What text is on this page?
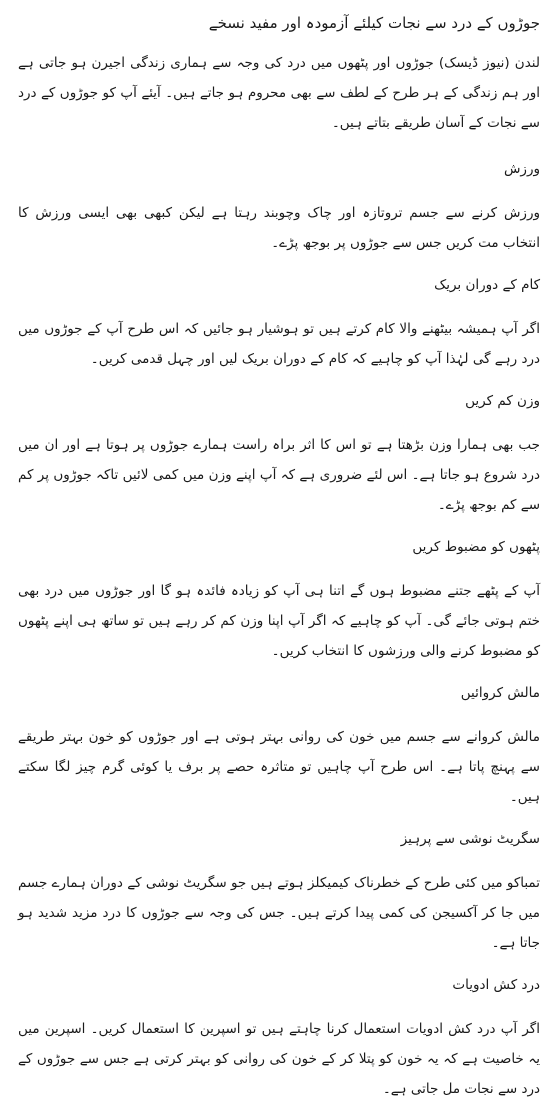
جوڑوں کے درد سے نجات کیلئے آزمودہ اور مفید نسخے

لندن (نیوز ڈیسک) جوڑوں اور پٹھوں میں درد کی وجہ سے ہماری زندگی اجیرن ہو جاتی ہے اور ہم زندگی کے ہر طرح کے لطف سے بھی محروم ہو جاتے ہیں۔ آیئے آپ کو جوڑوں کے درد سے نجات کے آسان طریقے بتاتے ہیں۔

ورزش

ورزش کرنے سے جسم تروتازہ اور چاک وچوبند رہتا ہے لیکن کبھی بھی ایسی ورزش کا انتخاب مت کریں جس سے جوڑوں پر بوجھ پڑے۔

کام کے دوران بریک

اگر آپ ہمیشہ بیٹھنے والا کام کرتے ہیں تو ہوشیار ہو جائیں کہ اس طرح آپ کے جوڑوں میں درد رہے گی لہٰذا آپ کو چاہیے کہ کام کے دوران بریک لیں اور چہل قدمی کریں۔

وزن کم کریں

جب بھی ہمارا وزن بڑھتا ہے تو اس کا اثر براہ راست ہمارے جوڑوں پر ہوتا ہے اور ان میں درد شروع ہو جاتا ہے۔ اس لئے ضروری ہے کہ آپ اپنے وزن میں کمی لائیں تاکہ جوڑوں پر کم سے کم بوجھ پڑے۔

پٹھوں کو مضبوط کریں

آپ کے پٹھے جتنے مضبوط ہوں گے اتنا ہی آپ کو زیادہ فائدہ ہو گا اور جوڑوں میں درد بھی ختم ہوتی جائے گی۔ آپ کو چاہیے کہ اگر آپ اپنا وزن کم کر رہے ہیں تو ساتھ ہی اپنے پٹھوں کو مضبوط کرنے والی ورزشوں کا انتخاب کریں۔

مالش کروائیں

مالش کروانے سے جسم میں خون کی روانی بہتر ہوتی ہے اور جوڑوں کو خون بہتر طریقے سے پہنچ پاتا ہے۔ اس طرح آپ چاہیں تو متاثرہ حصے پر برف یا کوئی گرم چیز لگا سکتے ہیں۔

سگریٹ نوشی سے پرہیز

تمباکو میں کئی طرح کے خطرناک کیمیکلز ہوتے ہیں جو سگریٹ نوشی کے دوران ہمارے جسم میں جا کر آکسیجن کی کمی پیدا کرتے ہیں۔ جس کی وجہ سے جوڑوں کا درد مزید شدید ہو جاتا ہے۔

درد کش ادویات

اگر آپ درد کش ادویات استعمال کرنا چاہتے ہیں تو اسپرین کا استعمال کریں۔ اسپرین میں یہ خاصیت ہے کہ یہ خون کو پتلا کر کے خون کی روانی کو بہتر کرتی ہے جس سے جوڑوں کے درد سے نجات مل جاتی ہے۔
